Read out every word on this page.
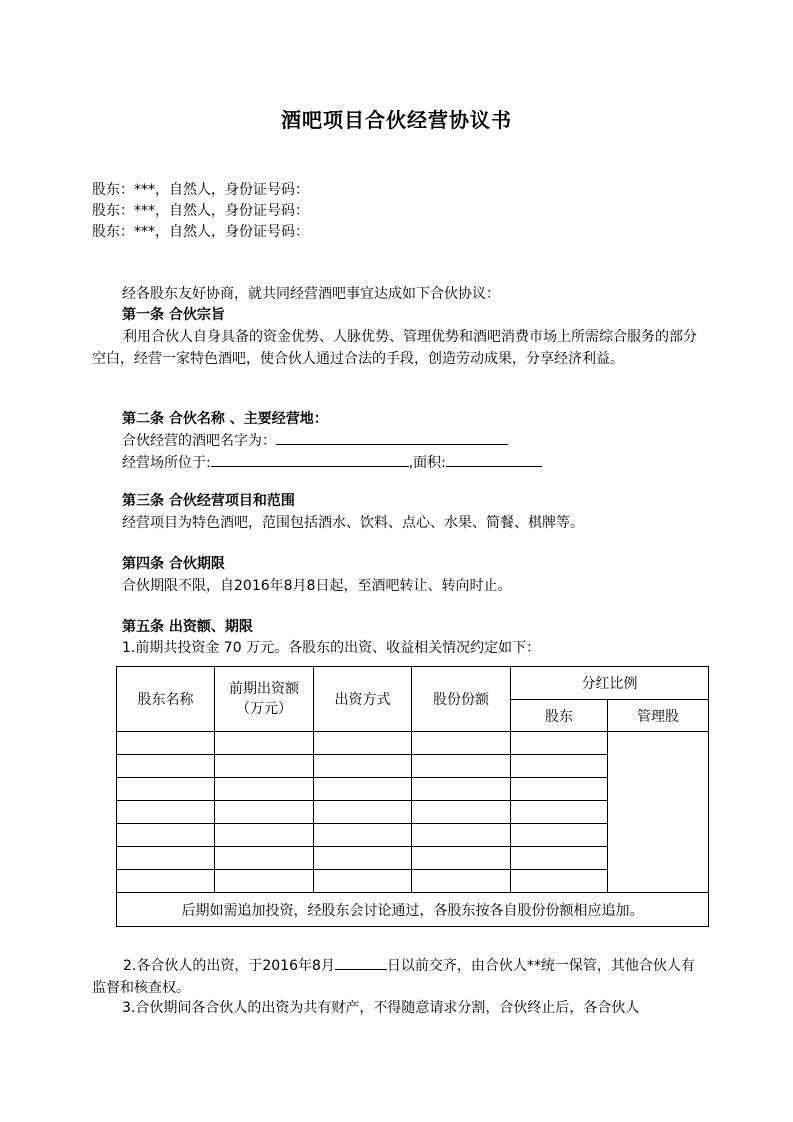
酒吧项目合伙经营协议书
股东：***，自然人，身份证号码：
股东：***，自然人，身份证号码：
股东：***，自然人，身份证号码：
经各股东友好协商，就共同经营酒吧事宜达成如下合伙协议：
第一条 合伙宗旨
利用合伙人自身具备的资金优势、人脉优势、管理优势和酒吧消费市场上所需综合服务的部分空白，经营一家特色酒吧，使合伙人通过合法的手段，创造劳动成果，分享经济利益。
第二条 合伙名称 、主要经营地：
合伙经营的酒吧名字为：
经营场所位于:	,面积:
第三条 合伙经营项目和范围
经营项目为特色酒吧，范围包括酒水、饮料、点心、水果、简餐、棋牌等。
第四条 合伙期限
合伙期限不限，自2016年8月8日起，至酒吧转让、转向时止。
第五条 出资额、期限
1.前期共投资金 70 万元。各股东的出资、收益相关情况约定如下：
股东名称	前期出资额（万元）	出资方式	股份份额	分红比例	
				股东	管理股

后期如需追加投资，经股东会讨论通过，各股东按各自股份份额相应追加。					
2.各合伙人的出资，于2016年8月	日以前交齐，由合伙人**统一保管，其他合伙人有监督和核查权。
3.合伙期间各合伙人的出资为共有财产，不得随意请求分割，合伙终止后，各合伙人
